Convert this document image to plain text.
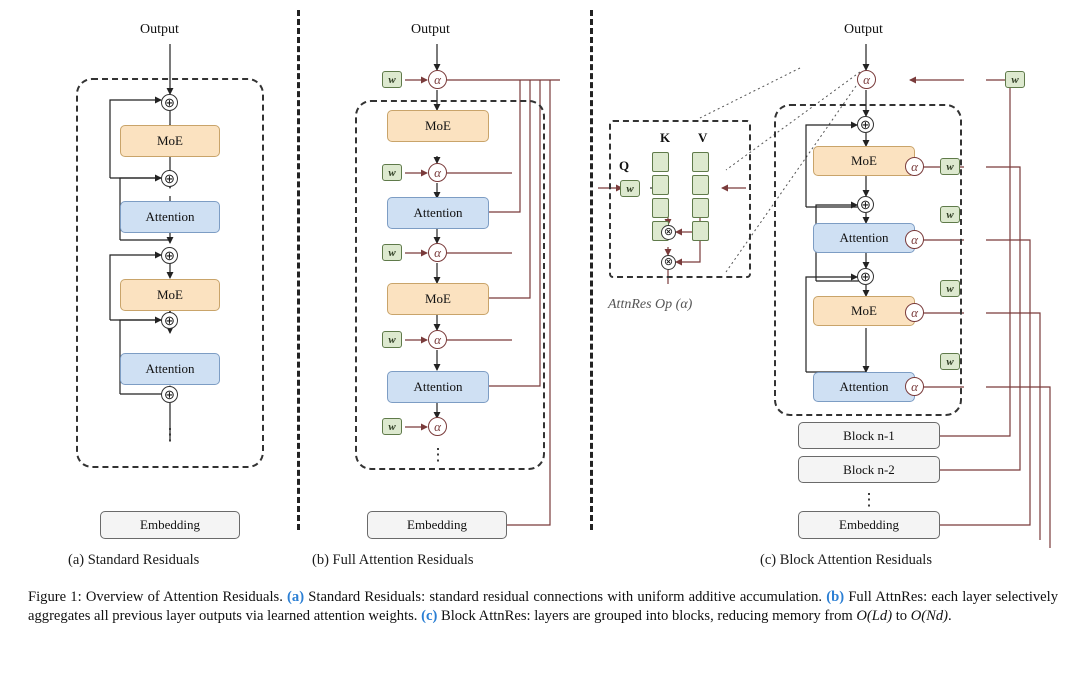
Output
⊕
MoE
⊕
Attention
⊕
MoE
⊕
Attention
⊕
⋮
Embedding
(a) Standard Residuals
Output
w	α
MoE
w	α
Attention
w	α
MoE
w	α
Attention
w	α
⋮
Embedding
(b) Full Attention Residuals
Q
K V
w
⊗
⊗
AttnRes Op (α)
Output
w
α
⊕
MoE	w
α
⊕
Attention
w
α
⊕
MoE
w
α
Attention
w
α
Block n-1
Block n-2
⋮
Embedding
(c) Block Attention Residuals
Figure 1: Overview of Attention Residuals. (a) Standard Residuals: standard residual connections with uniform additive accumulation. (b) Full AttnRes: each layer selectively aggregates all previous layer outputs via learned attention weights. (c) Block AttnRes: layers are grouped into blocks, reducing memory from O(Ld) to O(Nd).
